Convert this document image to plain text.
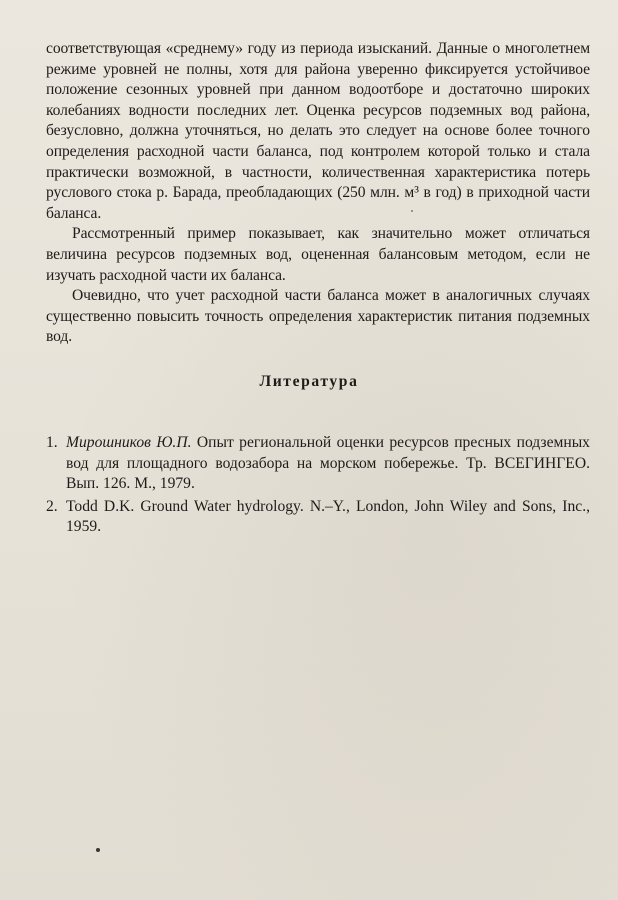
соответствующая «среднему» году из периода изысканий. Данные о многолетнем режиме уровней не полны, хотя для района уверенно фиксируется устойчивое положение сезонных уровней при данном водоотборе и достаточно широких колебаниях водности последних лет. Оценка ресурсов подземных вод района, безусловно, должна уточняться, но делать это следует на основе более точного определения расходной части баланса, под контролем которой только и стала практически возможной, в частности, количественная характеристика потерь руслового стока р. Барада, преобладающих (250 млн. м³ в год) в приходной части баланса.

Рассмотренный пример показывает, как значительно может отличаться величина ресурсов подземных вод, оцененная балансовым методом, если не изучать расходной части их баланса.

Очевидно, что учет расходной части баланса может в аналогичных случаях существенно повысить точность определения характеристик питания подземных вод.

Литература
1. Мирошников Ю.П. Опыт региональной оценки ресурсов пресных подземных вод для площадного водозабора на морском побережье. Тр. ВСЕГИНГЕО. Вып. 126. М., 1979.
2. Todd D.K. Ground Water hydrology. N.–Y., London, John Wiley and Sons, Inc., 1959.
